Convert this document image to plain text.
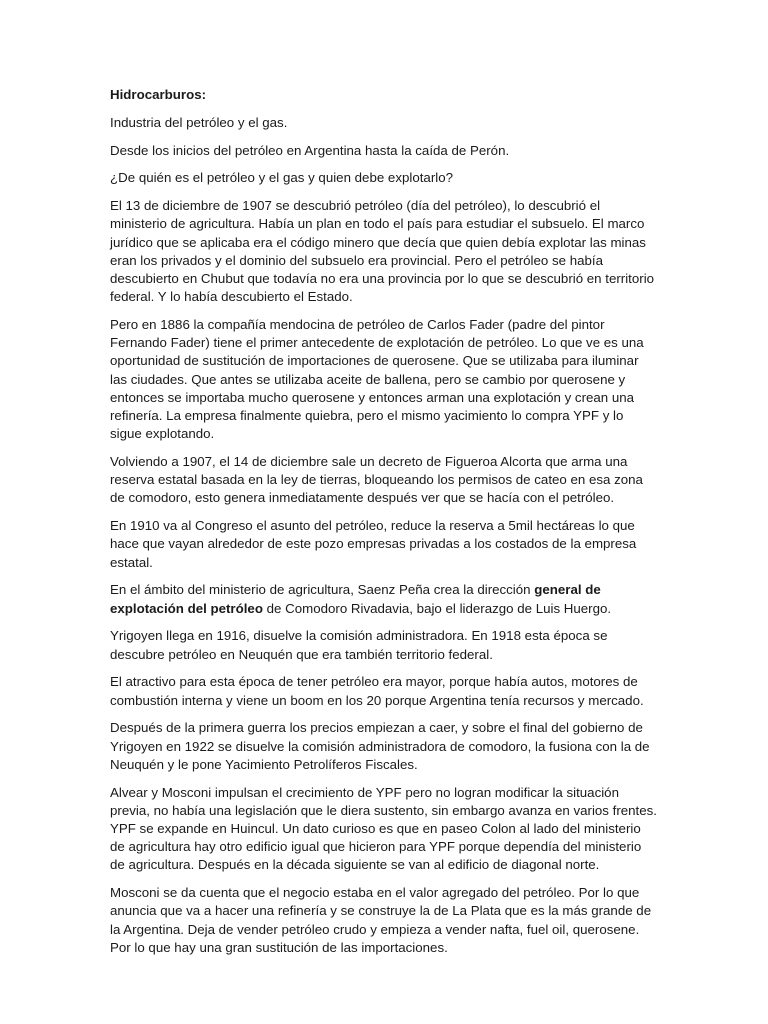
Hidrocarburos:

Industria del petróleo y el gas.

Desde los inicios del petróleo en Argentina hasta la caída de Perón.

¿De quién es el petróleo y el gas y quien debe explotarlo?

El 13 de diciembre de 1907 se descubrió petróleo (día del petróleo), lo descubrió el ministerio de agricultura. Había un plan en todo el país para estudiar el subsuelo. El marco jurídico que se aplicaba era el código minero que decía que quien debía explotar las minas eran los privados y el dominio del subsuelo era provincial. Pero el petróleo se había descubierto en Chubut que todavía no era una provincia por lo que se descubrió en territorio federal. Y lo había descubierto el Estado.

Pero en 1886 la compañía mendocina de petróleo de Carlos Fader (padre del pintor Fernando Fader) tiene el primer antecedente de explotación de petróleo. Lo que ve es una oportunidad de sustitución de importaciones de querosene. Que se utilizaba para iluminar las ciudades. Que antes se utilizaba aceite de ballena, pero se cambio por querosene y entonces se importaba mucho querosene y entonces arman una explotación y crean una refinería. La empresa finalmente quiebra, pero el mismo yacimiento lo compra YPF y lo sigue explotando.

Volviendo a 1907, el 14 de diciembre sale un decreto de Figueroa Alcorta que arma una reserva estatal basada en la ley de tierras, bloqueando los permisos de cateo en esa zona de comodoro, esto genera inmediatamente después ver que se hacía con el petróleo.

En 1910 va al Congreso el asunto del petróleo, reduce la reserva a 5mil hectáreas lo que hace que vayan alrededor de este pozo empresas privadas a los costados de la empresa estatal.

En el ámbito del ministerio de agricultura, Saenz Peña crea la dirección general de explotación del petróleo de Comodoro Rivadavia, bajo el liderazgo de Luis Huergo.

Yrigoyen llega en 1916, disuelve la comisión administradora. En 1918 esta época se descubre petróleo en Neuquén que era también territorio federal.

El atractivo para esta época de tener petróleo era mayor, porque había autos, motores de combustión interna y viene un boom en los 20 porque Argentina tenía recursos y mercado.

Después de la primera guerra los precios empiezan a caer, y sobre el final del gobierno de Yrigoyen en 1922 se disuelve la comisión administradora de comodoro, la fusiona con la de Neuquén y le pone Yacimiento Petrolíferos Fiscales.

Alvear y Mosconi impulsan el crecimiento de YPF pero no logran modificar la situación previa, no había una legislación que le diera sustento, sin embargo avanza en varios frentes. YPF se expande en Huincul. Un dato curioso es que en paseo Colon al lado del ministerio de agricultura hay otro edificio igual que hicieron para YPF porque dependía del ministerio de agricultura. Después en la década siguiente se van al edificio de diagonal norte.

Mosconi se da cuenta que el negocio estaba en el valor agregado del petróleo. Por lo que anuncia que va a hacer una refinería y se construye la de La Plata que es la más grande de la Argentina. Deja de vender petróleo crudo y empieza a vender nafta, fuel oil, querosene. Por lo que hay una gran sustitución de las importaciones.
